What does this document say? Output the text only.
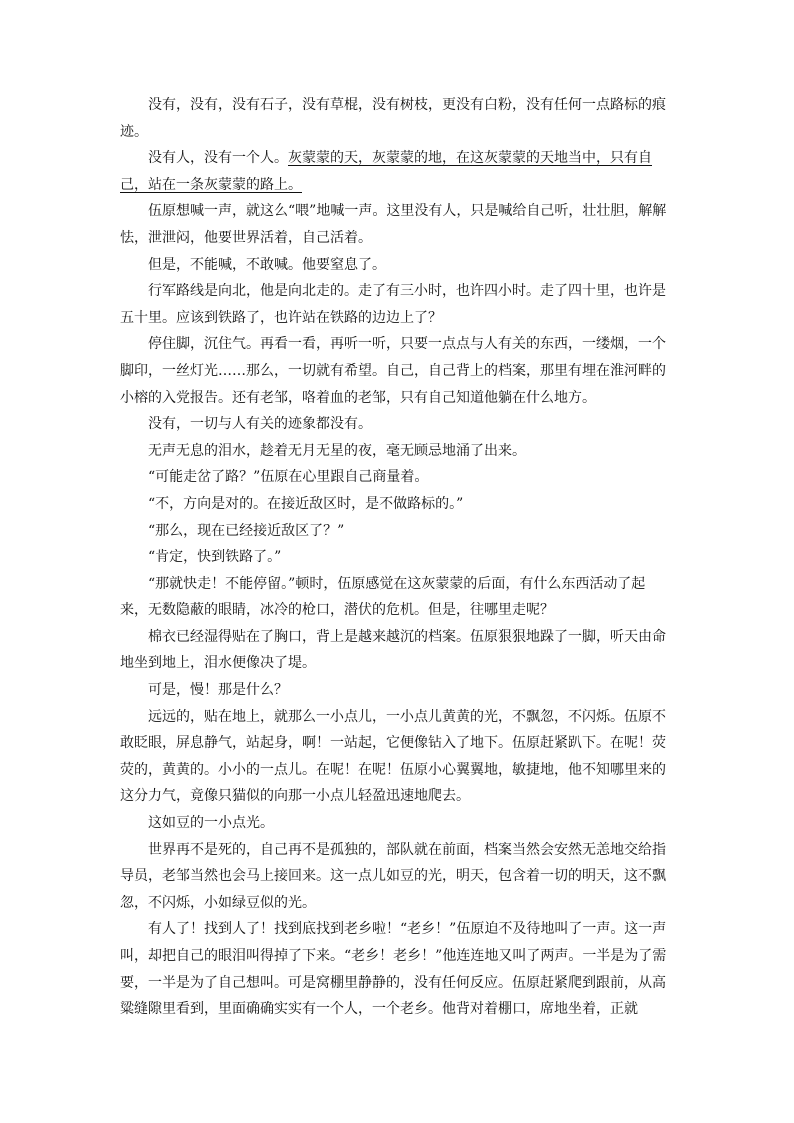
没有，没有，没有石子，没有草棍，没有树枝，更没有白粉，没有任何一点路标的痕迹。

没有人，没有一个人。灰蒙蒙的天，灰蒙蒙的地，在这灰蒙蒙的天地当中，只有自己，站在一条灰蒙蒙的路上。

伍原想喊一声，就这么“喂”地喊一声。这里没有人，只是喊给自己听，壮壮胆，解解怯，泄泄闷，他要世界活着，自己活着。

但是，不能喊，不敢喊。他要窒息了。

行军路线是向北，他是向北走的。走了有三小时，也许四小时。走了四十里，也许是五十里。应该到铁路了，也许站在铁路的边边上了？

停住脚，沉住气。再看一看，再听一听，只要一点点与人有关的东西，一缕烟，一个脚印，一丝灯光……那么，一切就有希望。自己，自己背上的档案，那里有埋在淮河畔的小榕的入党报告。还有老邹，咯着血的老邹，只有自己知道他躺在什么地方。

没有，一切与人有关的迹象都没有。

无声无息的泪水，趁着无月无星的夜，毫无顾忌地涌了出来。

“可能走岔了路？”伍原在心里跟自己商量着。

“不，方向是对的。在接近敌区时，是不做路标的。”

“那么，现在已经接近敌区了？”

“肯定，快到铁路了。”

“那就快走！不能停留。”顿时，伍原感觉在这灰蒙蒙的后面，有什么东西活动了起来，无数隐蔽的眼睛，冰冷的枪口，潜伏的危机。但是，往哪里走呢？

棉衣已经湿得贴在了胸口，背上是越来越沉的档案。伍原狠狠地跺了一脚，听天由命地坐到地上，泪水便像决了堤。

可是，慢！那是什么？

远远的，贴在地上，就那么一小点儿，一小点儿黄黄的光，不飘忽，不闪烁。伍原不敢眨眼，屏息静气，站起身，啊！一站起，它便像钻入了地下。伍原赶紧趴下。在呢！荧荧的，黄黄的。小小的一点儿。在呢！在呢！伍原小心翼翼地，敏捷地，他不知哪里来的这分力气，竟像只猫似的向那一小点儿轻盈迅速地爬去。

这如豆的一小点光。

世界再不是死的，自己再不是孤独的，部队就在前面，档案当然会安然无恙地交给指导员，老邹当然也会马上接回来。这一点儿如豆的光，明天，包含着一切的明天，这不飘忽，不闪烁，小如绿豆似的光。

有人了！找到人了！找到底找到老乡啦！“老乡！”伍原迫不及待地叫了一声。这一声叫，却把自己的眼泪叫得掉了下来。“老乡！老乡！”他连连地又叫了两声。一半是为了需要，一半是为了自己想叫。可是窝棚里静静的，没有任何反应。伍原赶紧爬到跟前，从高粱缝隙里看到，里面确确实实有一个人，一个老乡。他背对着棚口，席地坐着，正就
